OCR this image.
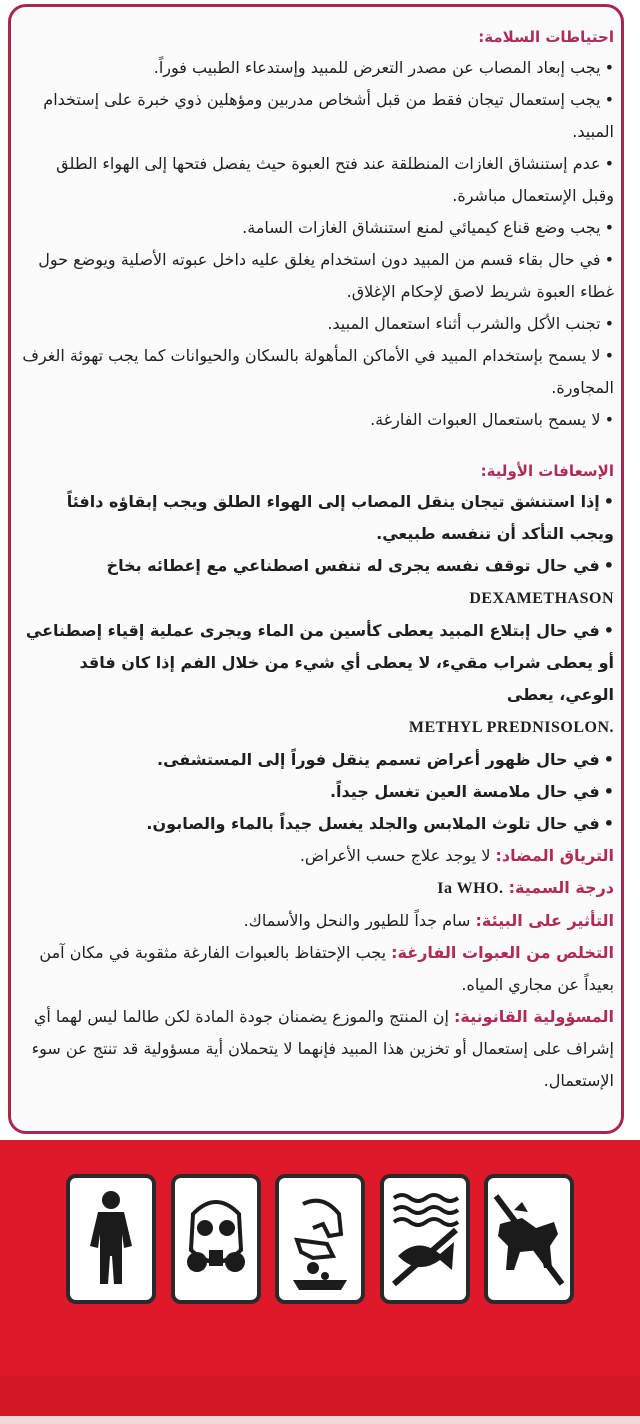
احتياطات السلامة:

•يجب إبعاد المصاب عن مصدر التعرض للمبيد وإستدعاء الطبيب فوراً.

•يجب إستعمال تيجان فقط من قبل أشخاص مدربين ومؤهلين ذوي خبرة على إستخدام المبيد.

•عدم إستنشاق الغازات المنطلقة عند فتح العبوة حيث يفصل فتحها إلى الهواء الطلق وقبل الإستعمال مباشرة.

•يجب وضع قناع كيميائي لمنع استنشاق الغازات السامة.

•في حال بقاء قسم من المبيد دون استخدام يغلق عليه داخل عبوته الأصلية ويوضع حول غطاء العبوة شريط لاصق لإحكام الإغلاق.

•تجنب الأكل والشرب أثناء استعمال المبيد.

•لا يسمح بإستخدام المبيد في الأماكن المأهولة بالسكان والحيوانات كما يجب تهوئة الغرف المجاورة.

•لا يسمح باستعمال العبوات الفارغة.

الإسعافات الأولية:

•إذا استنشق تيجان ينقل المصاب إلى الهواء الطلق ويجب إبقاؤه دافئاً ويجب التأكد أن تنفسه طبيعي.

•في حال توقف نفسه يجرى له تنفس اصطناعي مع إعطائه بخاخ DEXAMETHASON

•في حال إبتلاع المبيد يعطى كأسين من الماء ويجرى عملية إقياء إصطناعي أو يعطى شراب مقيء، لا يعطى أي شيء من خلال الفم إذا كان فاقد الوعي، يعطى
METHYL PREDNISOLON.

•في حال ظهور أعراض تسمم ينقل فوراً إلى المستشفى.

•في حال ملامسة العين تغسل جيداً.

•في حال تلوث الملابس والجلد يغسل جيداً بالماء والصابون.

الترياق المضاد: لا يوجد علاج حسب الأعراض.

درجة السمية: Ia WHO.

التأثير على البيئة: سام جداً للطيور والنحل والأسماك.

التخلص من العبوات الفارغة: يجب الإحتفاظ بالعبوات الفارغة مثقوبة في مكان آمن بعيداً عن مجاري المياه.

المسؤولية القانونية: إن المنتج والموزع يضمنان جودة المادة لكن طالما ليس لهما أي إشراف على إستعمال أو تخزين هذا المبيد فإنهما لا يتحملان أية مسؤولية قد تنتج عن سوء الإستعمال.
